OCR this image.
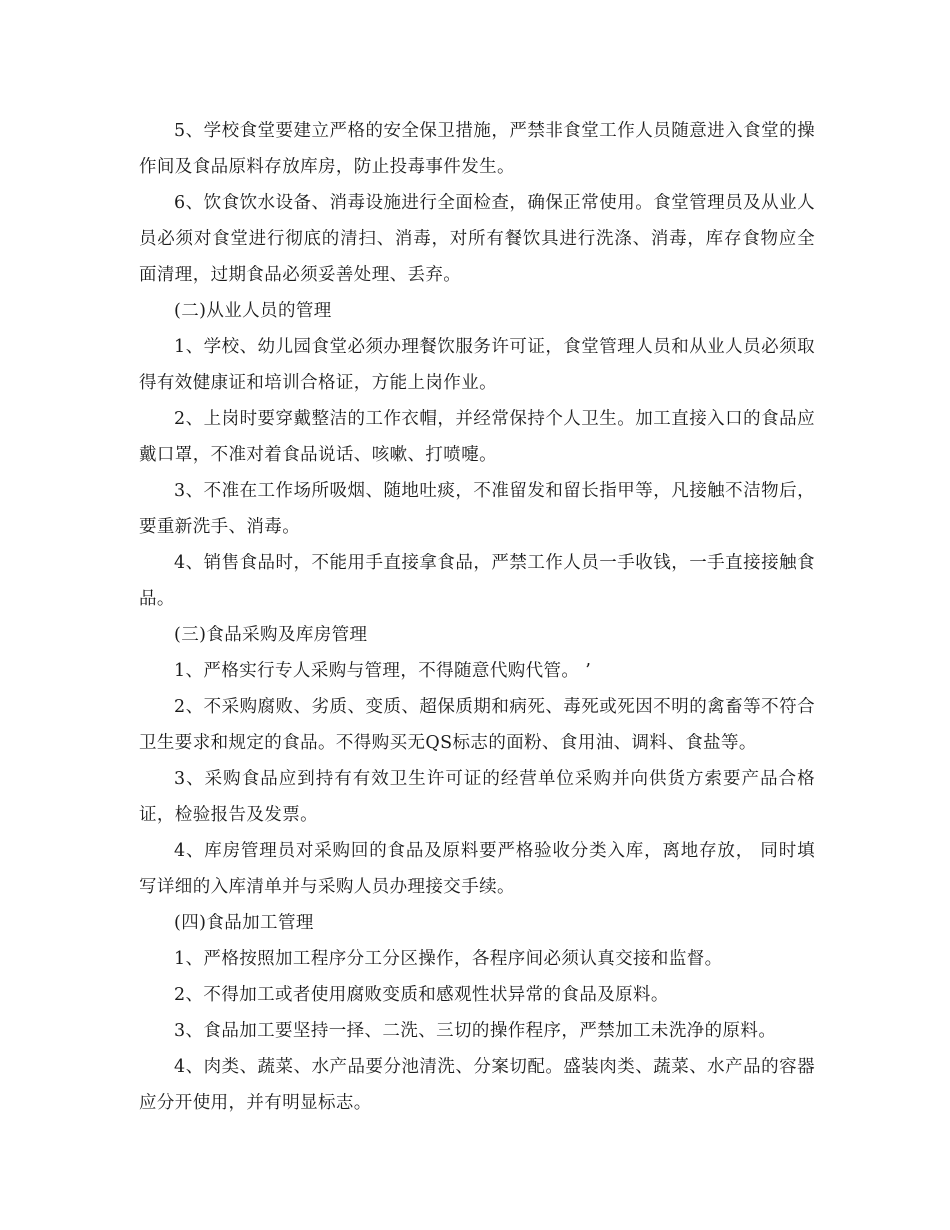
5、学校食堂要建立严格的安全保卫措施，严禁非食堂工作人员随意进入食堂的操作间及食品原料存放库房，防止投毒事件发生。

6、饮食饮水设备、消毒设施进行全面检查，确保正常使用。食堂管理员及从业人员必须对食堂进行彻底的清扫、消毒，对所有餐饮具进行洗涤、消毒，库存食物应全面清理，过期食品必须妥善处理、丢弃。

(二)从业人员的管理

1、学校、幼儿园食堂必须办理餐饮服务许可证，食堂管理人员和从业人员必须取得有效健康证和培训合格证，方能上岗作业。

2、上岗时要穿戴整洁的工作衣帽，并经常保持个人卫生。加工直接入口的食品应戴口罩，不准对着食品说话、咳嗽、打喷嚏。

3、不准在工作场所吸烟、随地吐痰，不准留发和留长指甲等，凡接触不洁物后，要重新洗手、消毒。

4、销售食品时，不能用手直接拿食品，严禁工作人员一手收钱，一手直接接触食品。

(三)食品采购及库房管理

1、严格实行专人采购与管理，不得随意代购代管。 ’

2、不采购腐败、劣质、变质、超保质期和病死、毒死或死因不明的禽畜等不符合卫生要求和规定的食品。不得购买无QS标志的面粉、食用油、调料、食盐等。

3、采购食品应到持有有效卫生许可证的经营单位采购并向供货方索要产品合格证，检验报告及发票。

4、库房管理员对采购回的食品及原料要严格验收分类入库，离地存放， 同时填写详细的入库清单并与采购人员办理接交手续。

(四)食品加工管理

1、严格按照加工程序分工分区操作，各程序间必须认真交接和监督。

2、不得加工或者使用腐败变质和感观性状异常的食品及原料。

3、食品加工要坚持一择、二洗、三切的操作程序，严禁加工未洗净的原料。

4、肉类、蔬菜、水产品要分池清洗、分案切配。盛装肉类、蔬菜、水产品的容器应分开使用，并有明显标志。
